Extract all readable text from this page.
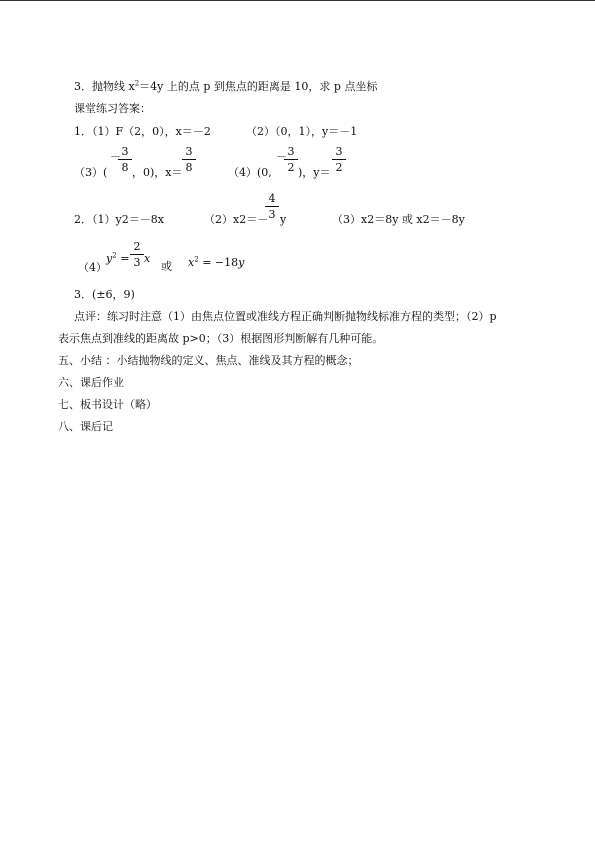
3．抛物线 $x^2=4y$ 上的点 p 到焦点的距离是 10，求 p 点坐标
课堂练习答案：
1．（1）F（2，0），x＝－2	（2）（0，1），y＝－1
（3）(
－ 3
8 ，0)，x＝
3
8	（4）(0,
－ 3
2 )，y＝
3
2
2．（1）y2＝－8x	（2）x2＝－
4
3 y	（3）x2＝8y 或 x2＝－8y
（4）
$y^2$ =
2
3 x
或 $x^2 = -18y$
3．(±6，9)
点评：练习时注意（1）由焦点位置或准线方程正确判断抛物线标准方程的类型；（2）p
表示焦点到准线的距离故 p>0；（3）根据图形判断解有几种可能。
五、小结 ：小结抛物线的定义、焦点、准线及其方程的概念；
六、课后作业
七、板书设计（略）
八、课后记
